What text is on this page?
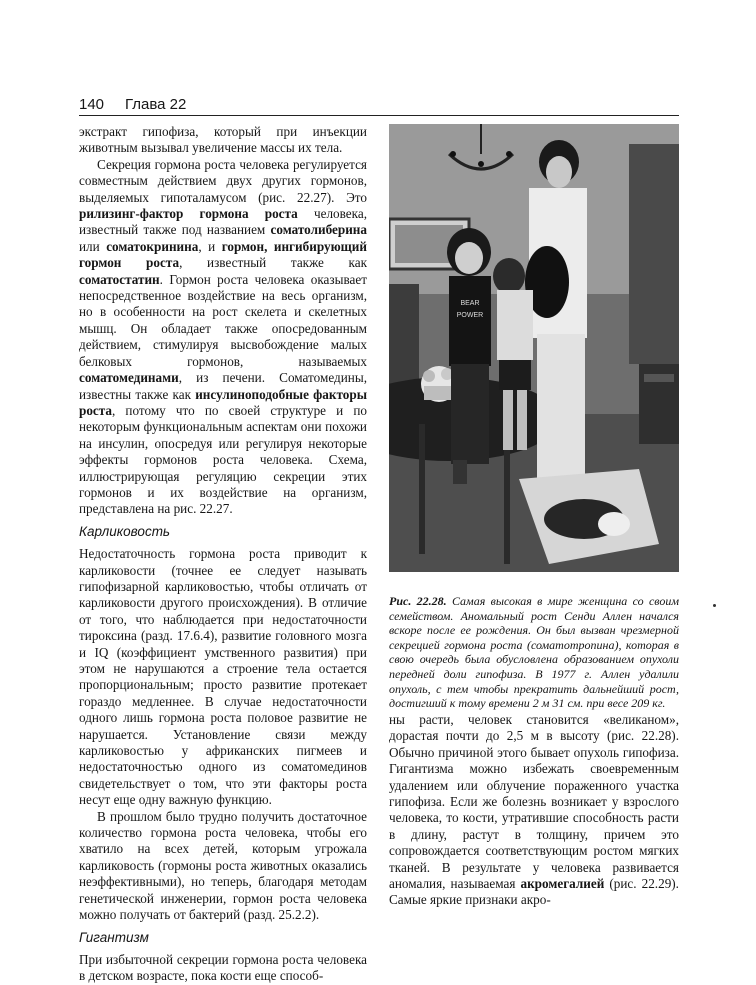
140 Глава 22

экстракт гипофиза, который при инъекции животным вызывал увеличение массы их тела.

Секреция гормона роста человека регулируется совместным действием двух других гормонов, выделяемых гипоталамусом (рис. 22.27). Это рилизинг-фактор гормона роста человека, известный также под названием соматолиберина или соматокринина, и гормон, ингибирующий гормон роста, известный также как соматостатин. Гормон роста человека оказывает непосредственное воздействие на весь организм, но в особенности на рост скелета и скелетных мышц. Он обладает также опосредованным действием, стимулируя высвобождение малых белковых гормонов, называемых соматомединами, из печени. Соматомедины, известны также как инсулиноподобные факторы роста, потому что по своей структуре и по некоторым функциональным аспектам они похожи на инсулин, опосредуя или регулируя некоторые эффекты гормонов роста человека. Схема, иллюстрирующая регуляцию секреции этих гормонов и их воздействие на организм, представлена на рис. 22.27.

Карликовость

Недостаточность гормона роста приводит к карликовости (точнее ее следует называть гипофизарной карликовостью, чтобы отличать от карликовости другого происхождения). В отличие от того, что наблюдается при недостаточности тироксина (разд. 17.6.4), развитие головного мозга и IQ (коэффициент умственного развития) при этом не нарушаются а строение тела остается пропорциональным; просто развитие протекает гораздо медленнее. В случае недостаточности одного лишь гормона роста половое развитие не нарушается. Установление связи между карликовостью у африканских пигмеев и недостаточностью одного из соматомединов свидетельствует о том, что эти факторы роста несут еще одну важную функцию.

В прошлом было трудно получить достаточное количество гормона роста человека, чтобы его хватило на всех детей, которым угрожала карликовость (гормоны роста животных оказались неэффективными), но теперь, благодаря методам генетической инженерии, гормон роста человека можно получать от бактерий (разд. 25.2.2).

Гигантизм

При избыточной секреции гормона роста человека в детском возрасте, пока кости еще способ-

BEAR
POWER
Рис. 22.28. Самая высокая в мире женщина со своим семейством. Аномальный рост Сенди Аллен начался вскоре после ее рождения. Он был вызван чрезмерной секрецией гормона роста (соматотропина), которая в свою очередь была обусловлена образованием опухоли передней доли гипофиза. В 1977 г. Аллен удалили опухоль, с тем чтобы прекратить дальнейший рост, достигший к тому времени 2 м 31 см. при весе 209 кг.

ны расти, человек становится «великаном», дорастая почти до 2,5 м в высоту (рис. 22.28). Обычно причиной этого бывает опухоль гипофиза. Гигантизма можно избежать своевременным удалением или облучение пораженного участка гипофиза. Если же болезнь возникает у взрослого человека, то кости, утратившие способность расти в длину, растут в толщину, причем это сопровождается соответствующим ростом мягких тканей. В результате у человека развивается аномалия, называемая акромегалией (рис. 22.29). Самые яркие признаки акро-
